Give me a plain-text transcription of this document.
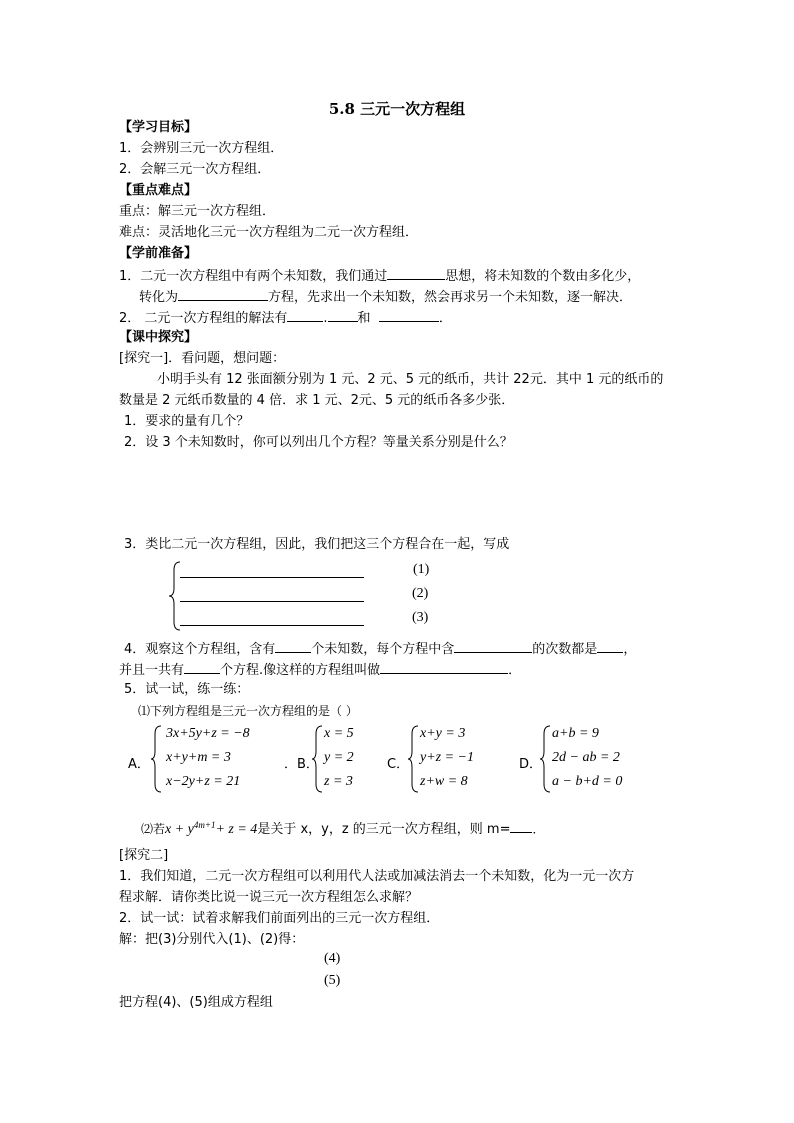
5.8 三元一次方程组
【学习目标】
1．会辨别三元一次方程组．
2．会解三元一次方程组．
【重点难点】
重点：解三元一次方程组．
难点：灵活地化三元一次方程组为二元一次方程组．
【学前准备】
1．二元一次方程组中有两个未知数，我们通过	思想，将未知数的个数由多化少，
转化为	方程，先求出一个未知数，然会再求另一个未知数，逐一解决．
2． 二元一次方程组的解法有	. 和	．
【课中探究】
[探究一]．看问题，想问题：
小明手头有 12 张面额分别为 1 元、2 元、5 元的纸币，共计 22元．其中 1 元的纸币的
数量是 2 元纸币数量的 4 倍．求 1 元、2元、5 元的纸币各多少张．
1．要求的量有几个？
2．设 3 个未知数时，你可以列出几个方程？等量关系分别是什么？
3．类比二元一次方程组，因此，我们把这三个方程合在一起，写成
(1)
(2)
(3)
4．观察这个方程组，含有	个未知数，每个方程中含	的次数都是 ，
并且一共有	个方程.像这样的方程组叫做	．
5．试一试，练一练：
⑴下列方程组是三元一次方程组的是（ ）
A．
3x+5y+z = −8
x+y+m = 3
x−2y+z = 21
．B．
x = 5
y = 2
z = 3
C．
x+y = 3
y+z = −1
z+w = 8
D．
a+b = 9
2d − ab = 2
a − b+d = 0
⑵若$x + y^{4m+1}+ z = 4$是关于 x，y，z 的三元一次方程组，则 m= ．
[探究二]
1．我们知道，二元一次方程组可以利用代人法或加减法消去一个未知数，化为一元一次方
程求解．请你类比说一说三元一次方程组怎么求解？
2．试一试：试着求解我们前面列出的三元一次方程组．
解：把(3)分别代入(1)、(2)得：
(4)
(5)
把方程(4)、(5)组成方程组
